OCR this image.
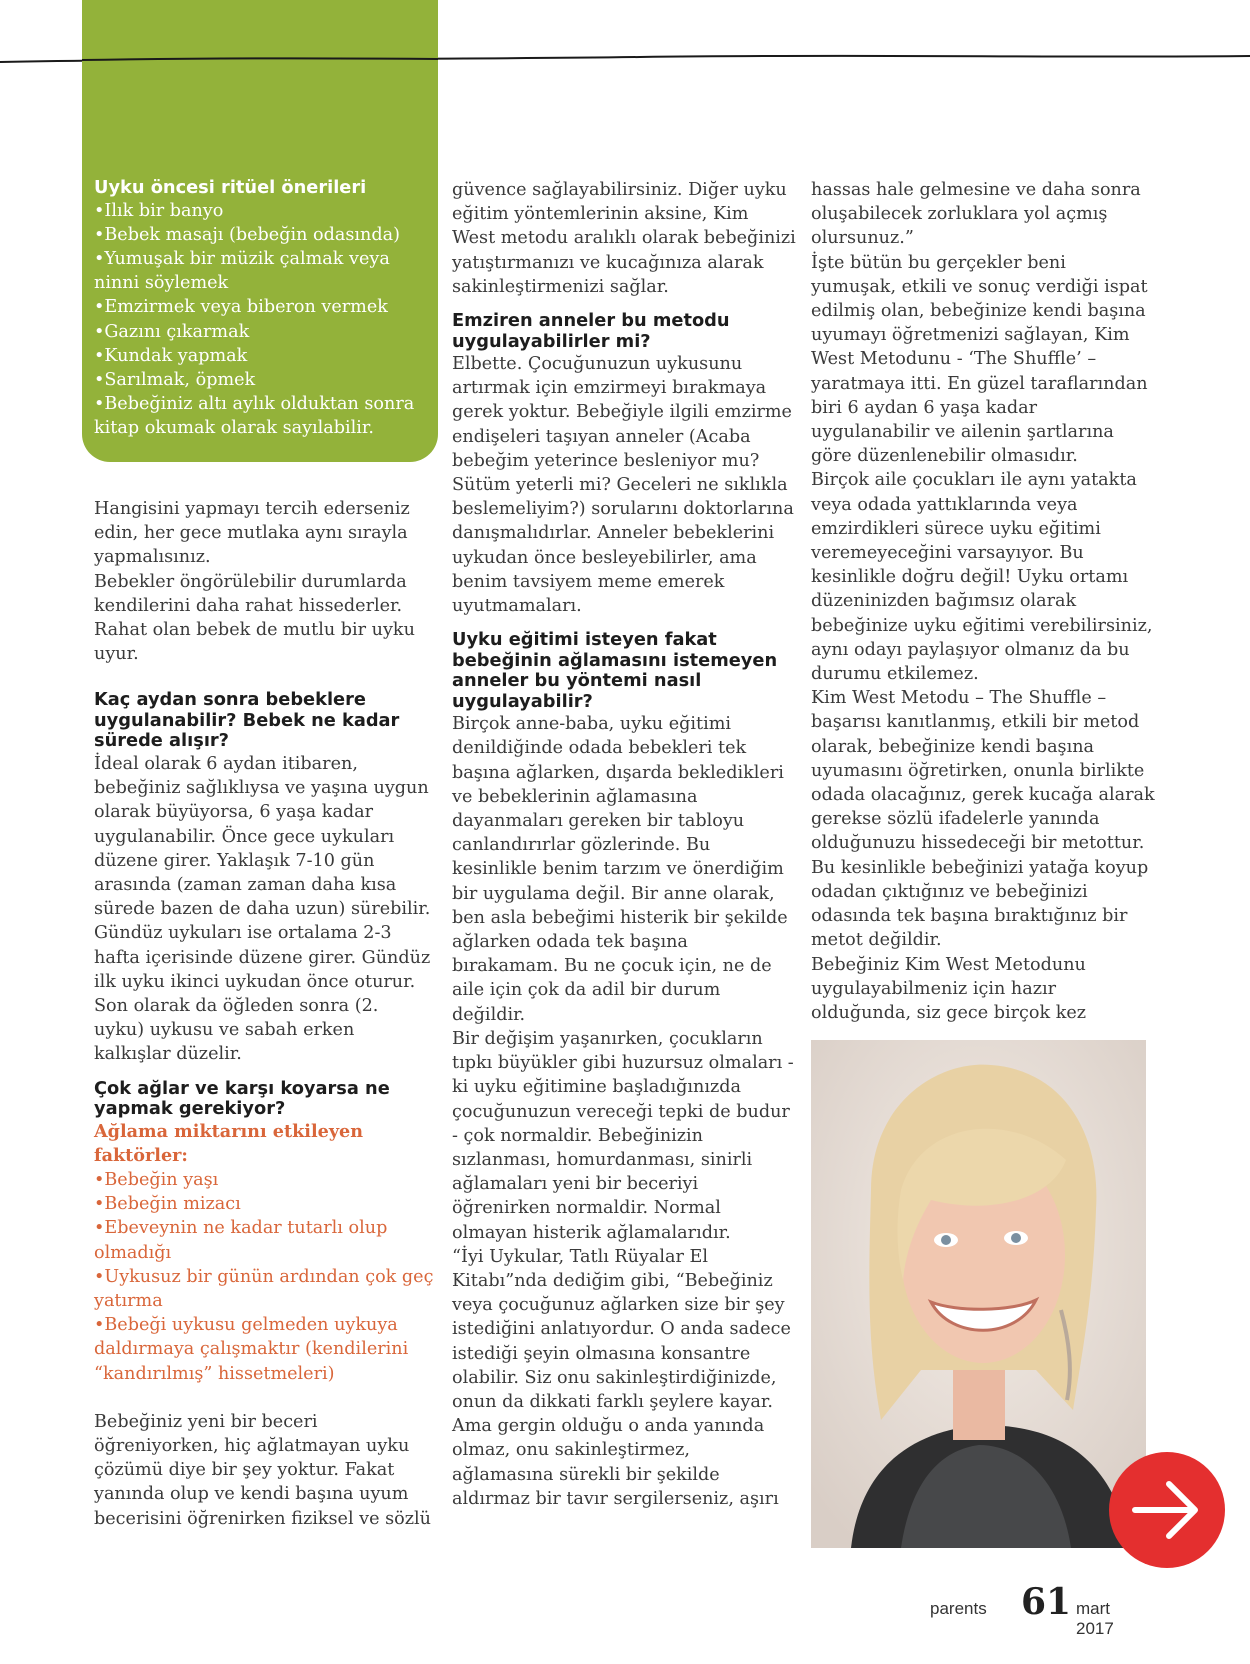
Uyku öncesi ritüel önerileri

•Ilık bir banyo

•Bebek masajı (bebeğin odasında)

•Yumuşak bir müzik çalmak veya ninni söylemek

•Emzirmek veya biberon vermek

•Gazını çıkarmak

•Kundak yapmak

•Sarılmak, öpmek

•Bebeğiniz altı aylık olduktan sonra kitap okumak olarak sayılabilir.

Hangisini yapmayı tercih ederseniz edin, her gece mutlaka aynı sırayla yapmalısınız.

Bebekler öngörülebilir durumlarda kendilerini daha rahat hissederler. Rahat olan bebek de mutlu bir uyku uyur.

Kaç aydan sonra bebeklere uygulanabilir? Bebek ne kadar sürede alışır?

İdeal olarak 6 aydan itibaren, bebeğiniz sağlıklıysa ve yaşına uygun olarak büyüyorsa, 6 yaşa kadar uygulanabilir. Önce gece uykuları düzene girer. Yaklaşık 7-10 gün arasında (zaman zaman daha kısa sürede bazen de daha uzun) sürebilir. Gündüz uykuları ise ortalama 2-3 hafta içerisinde düzene girer. Gündüz ilk uyku ikinci uykudan önce oturur. Son olarak da öğleden sonra (2. uyku) uykusu ve sabah erken kalkışlar düzelir.

Çok ağlar ve karşı koyarsa ne yapmak gerekiyor?

Ağlama miktarını etkileyen faktörler:

•Bebeğin yaşı

•Bebeğin mizacı

•Ebeveynin ne kadar tutarlı olup olmadığı

•Uykusuz bir günün ardından çok geç yatırma

•Bebeği uykusu gelmeden uykuya daldırmaya çalışmaktır (kendilerini “kandırılmış” hissetmeleri)

Bebeğiniz yeni bir beceri öğreniyorken, hiç ağlatmayan uyku çözümü diye bir şey yoktur. Fakat yanında olup ve kendi başına uyum becerisini öğrenirken fiziksel ve sözlü

güvence sağlayabilirsiniz. Diğer uyku eğitim yöntemlerinin aksine, Kim West metodu aralıklı olarak bebeğinizi yatıştırmanızı ve kucağınıza alarak sakinleştirmenizi sağlar.

Emziren anneler bu metodu uygulayabilirler mi?

Elbette. Çocuğunuzun uykusunu artırmak için emzirmeyi bırakmaya gerek yoktur. Bebeğiyle ilgili emzirme endişeleri taşıyan anneler (Acaba bebeğim yeterince besleniyor mu? Sütüm yeterli mi? Geceleri ne sıklıkla beslemeliyim?) sorularını doktorlarına danışmalıdırlar. Anneler bebeklerini uykudan önce besleyebilirler, ama benim tavsiyem meme emerek uyutmamaları.

Uyku eğitimi isteyen fakat bebeğinin ağlamasını istemeyen anneler bu yöntemi nasıl uygulayabilir?

Birçok anne-baba, uyku eğitimi denildiğinde odada bebekleri tek başına ağlarken, dışarda bekledikleri ve bebeklerinin ağlamasına dayanmaları gereken bir tabloyu canlandırırlar gözlerinde. Bu kesinlikle benim tarzım ve önerdiğim bir uygulama değil. Bir anne olarak, ben asla bebeğimi histerik bir şekilde ağlarken odada tek başına bırakamam. Bu ne çocuk için, ne de aile için çok da adil bir durum değildir.

Bir değişim yaşanırken, çocukların tıpkı büyükler gibi huzursuz olmaları - ki uyku eğitimine başladığınızda çocuğunuzun vereceği tepki de budur - çok normaldir. Bebeğinizin sızlanması, homurdanması, sinirli ağlamaları yeni bir beceriyi öğrenirken normaldir. Normal olmayan histerik ağlamalarıdır.

“İyi Uykular, Tatlı Rüyalar El Kitabı”nda dediğim gibi, “Bebeğiniz veya çocuğunuz ağlarken size bir şey istediğini anlatıyordur. O anda sadece istediği şeyin olmasına konsantre olabilir. Siz onu sakinleştirdiğinizde, onun da dikkati farklı şeylere kayar. Ama gergin olduğu o anda yanında olmaz, onu sakinleştirmez, ağlamasına sürekli bir şekilde aldırmaz bir tavır sergilerseniz, aşırı

hassas hale gelmesine ve daha sonra oluşabilecek zorluklara yol açmış olursunuz.”

İşte bütün bu gerçekler beni yumuşak, etkili ve sonuç verdiği ispat edilmiş olan, bebeğinize kendi başına uyumayı öğretmenizi sağlayan, Kim West Metodunu - ‘The Shuffle’ – yaratmaya itti. En güzel taraflarından biri 6 aydan 6 yaşa kadar uygulanabilir ve ailenin şartlarına göre düzenlenebilir olmasıdır.

Birçok aile çocukları ile aynı yatakta veya odada yattıklarında veya emzirdikleri sürece uyku eğitimi veremeyeceğini varsayıyor. Bu kesinlikle doğru değil! Uyku ortamı düzeninizden bağımsız olarak bebeğinize uyku eğitimi verebilirsiniz, aynı odayı paylaşıyor olmanız da bu durumu etkilemez.

Kim West Metodu – The Shuffle – başarısı kanıtlanmış, etkili bir metod olarak, bebeğinize kendi başına uyumasını öğretirken, onunla birlikte odada olacağınız, gerek kucağa alarak gerekse sözlü ifadelerle yanında olduğunuzu hissedeceği bir metottur. Bu kesinlikle bebeğinizi yatağa koyup odadan çıktığınız ve bebeğinizi odasında tek başına bıraktığınız bir metot değildir.

Bebeğiniz Kim West Metodunu uygulayabilmeniz için hazır olduğunda, siz gece birçok kez

parents 61 mart 2017
